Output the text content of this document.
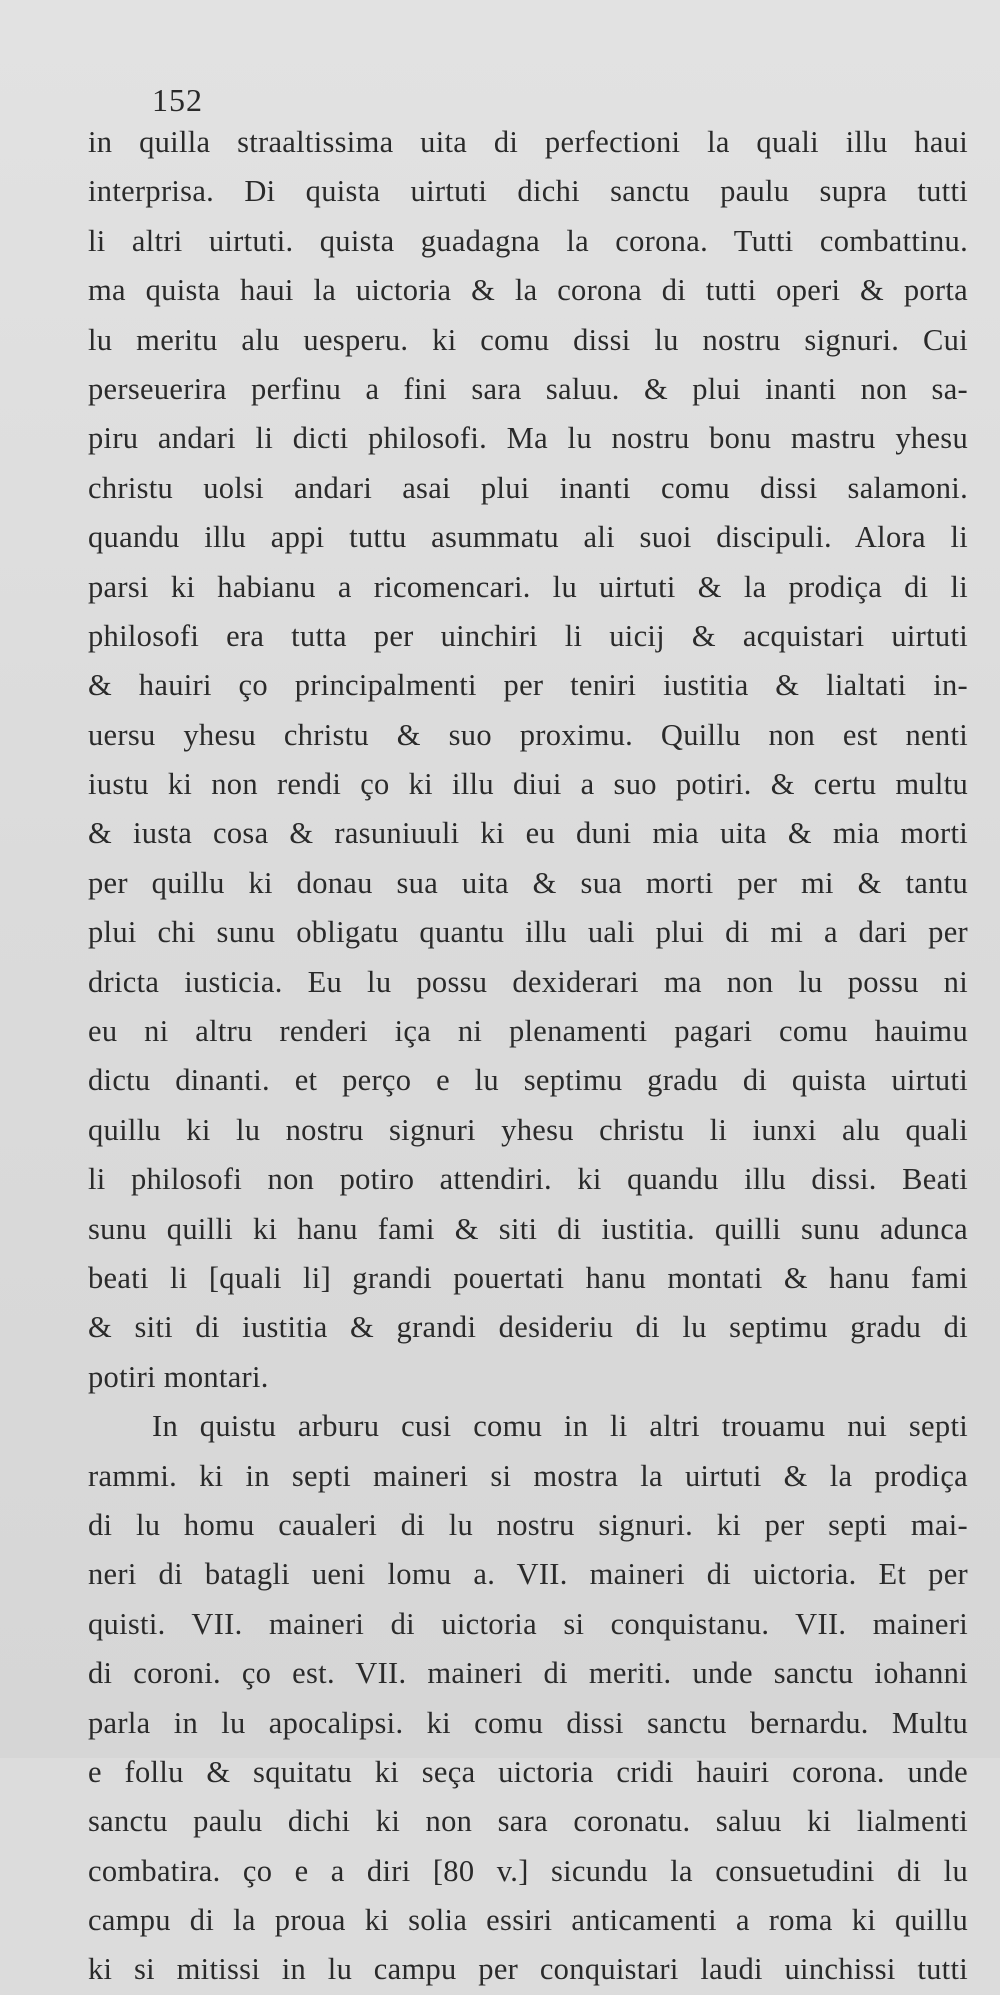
152
in quilla straaltissima uita di perfectioni la quali illu haui
interprisa. Di quista uirtuti dichi sanctu paulu supra tutti
li altri uirtuti. quista guadagna la corona. Tutti combattinu.
ma quista haui la uictoria & la corona di tutti operi & porta
lu meritu alu uesperu. ki comu dissi lu nostru signuri. Cui
perseuerira perfinu a fini sara saluu. & plui inanti non sa-
piru andari li dicti philosofi. Ma lu nostru bonu mastru yhesu
christu uolsi andari asai plui inanti comu dissi salamoni.
quandu illu appi tuttu asummatu ali suoi discipuli. Alora li
parsi ki habianu a ricomencari. lu uirtuti & la prodiça di li
philosofi era tutta per uinchiri li uicij & acquistari uirtuti
& hauiri ço principalmenti per teniri iustitia & lialtati in-
uersu yhesu christu & suo proximu. Quillu non est nenti
iustu ki non rendi ço ki illu diui a suo potiri. & certu multu
& iusta cosa & rasuniuuli ki eu duni mia uita & mia morti
per quillu ki donau sua uita & sua morti per mi & tantu
plui chi sunu obligatu quantu illu uali plui di mi a dari per
dricta iusticia. Eu lu possu dexiderari ma non lu possu ni
eu ni altru renderi iça ni plenamenti pagari comu hauimu
dictu dinanti. et perço e lu septimu gradu di quista uirtuti
quillu ki lu nostru signuri yhesu christu li iunxi alu quali
li philosofi non potiro attendiri. ki quandu illu dissi. Beati
sunu quilli ki hanu fami & siti di iustitia. quilli sunu adunca
beati li [quali li] grandi pouertati hanu montati & hanu fami
& siti di iustitia & grandi desideriu di lu septimu gradu di
potiri montari.
In quistu arburu cusi comu in li altri trouamu nui septi
rammi. ki in septi maineri si mostra la uirtuti & la prodiça
di lu homu caualeri di lu nostru signuri. ki per septi mai-
neri di batagli ueni lomu a. VII. maineri di uictoria. Et per
quisti. VII. maineri di uictoria si conquistanu. VII. maineri
di coroni. ço est. VII. maineri di meriti. unde sanctu iohanni
parla in lu apocalipsi. ki comu dissi sanctu bernardu. Multu
e follu & squitatu ki seça uictoria cridi hauiri corona. unde
sanctu paulu dichi ki non sara coronatu. saluu ki lialmenti
combatira. ço e a diri [80 v.] sicundu la consuetudini di lu
campu di la proua ki solia essiri anticamenti a roma ki quillu
ki si mitissi in lu campu per conquistari laudi uinchissi tutti
